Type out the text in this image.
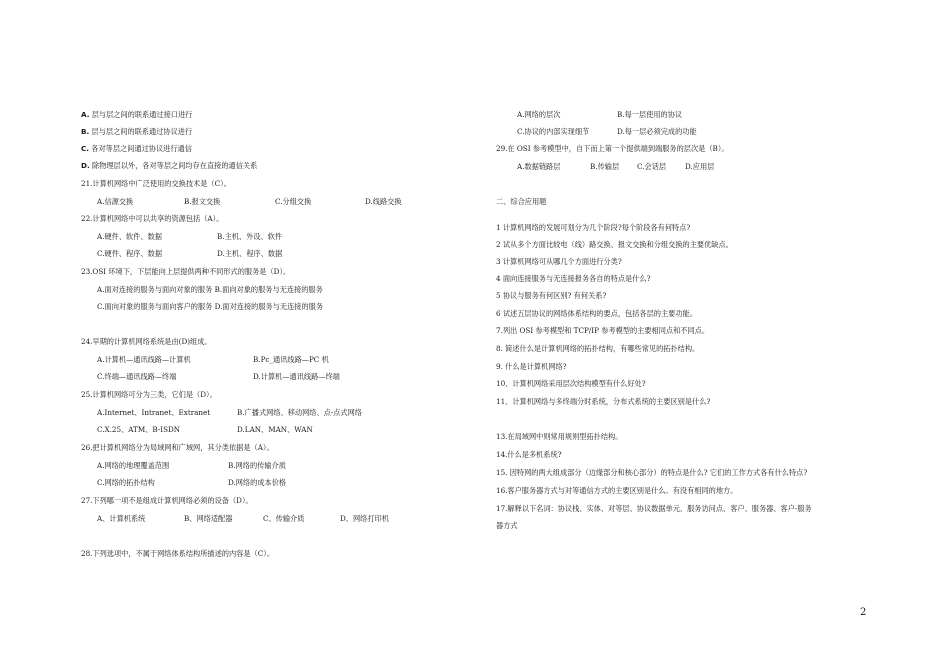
A. 层与层之间的联系通过接口进行
B. 层与层之间的联系通过协议进行
C. 各对等层之间通过协议进行通信
D. 除物理层以外，各对等层之间均存在直接的通信关系
21.计算机网络中广泛使用的交换技术是（C）。
A.信源交换	B.报文交换	C.分组交换	D.线路交换
22.计算机网络中可以共享的资源包括（A）。
A.硬件、软件、数据	B.主机、外设、软件
C.硬件、程序、数据	D.主机、程序、数据
23.OSI 环境下，下层能向上层提供两种不同形式的服务是（D）。
A.面对连接的服务与面向对象的服务 B.面向对象的服务与无连接的服务
C.面向对象的服务与面向客户的服务 D.面对连接的服务与无连接的服务
24.早期的计算机网络系统是由(D)组成。
A.计算机—通讯线路—计算机	B.Pc_通讯线路—PC 机
C.终端—通讯线路—终端	D.计算机—通讯线路—终端
25.计算机网络可分为三类，它们是（D）。
A.Internet、Intranet、Extranet	B.广播式网络、移动网络、点-点式网络
C.X.25、ATM、B-ISDN	D.LAN、MAN、WAN
26.把计算机网络分为局域网和广域网，其分类依据是（A）。
A.网络的地理覆盖范围	B.网络的传输介质
C.网络的拓扑结构	D.网络的成本价格
27.下列哪一项不是组成计算机网络必须的设备（D）。
A、计算机系统	B、网络适配器	C、传输介质	D、网络打印机
28.下列选项中，不属于网络体系结构所描述的内容是（C）。
A.网络的层次	B.每一层使用的协议
C.协议的内部实现细节	D.每一层必须完成的功能
29.在 OSI 参考模型中，自下而上第一个提供端到端服务的层次是（B）。
A.数据链路层	B.传输层 C.会话层	D.应用层
二、综合应用题
1 计算机网络的发展可划分为几个阶段?每个阶段各有何特点?
2 试从多个方面比较电（线）路交换、报文交换和分组交换的主要优缺点。
3 计算机网络可从哪几个方面进行分类?
4 面向连接服务与无连接报务各自的特点是什么?
5 协议与服务有何区别? 有何关系?
6 试述五层协议的网络体系结构的要点，包括各层的主要功能。
7.列出 OSI 参考模型和 TCP/IP 参考模型的主要相同点和不同点。
8. 简述什么是计算机网络的拓扑结构，有哪些常见的拓扑结构。
9. 什么是计算机网络?
10、计算机网络采用层次结构模型有什么好处?
11、计算机网络与多终端分时系统，分布式系统的主要区别是什么?
13.在局域网中则常用规则型拓扑结构。
14.什么是多机系统?
15. 因特网的两大组成部分（边缘部分和核心部分）的特点是什么? 它们的工作方式各有什么特点?
16.客户服务器方式与对等通信方式的主要区别是什么。有没有相同的地方。
17.解释以下名词：协议栈、实体、对等层、协议数据单元、服务访问点、客户、服务器、客户-服务
器方式
2
